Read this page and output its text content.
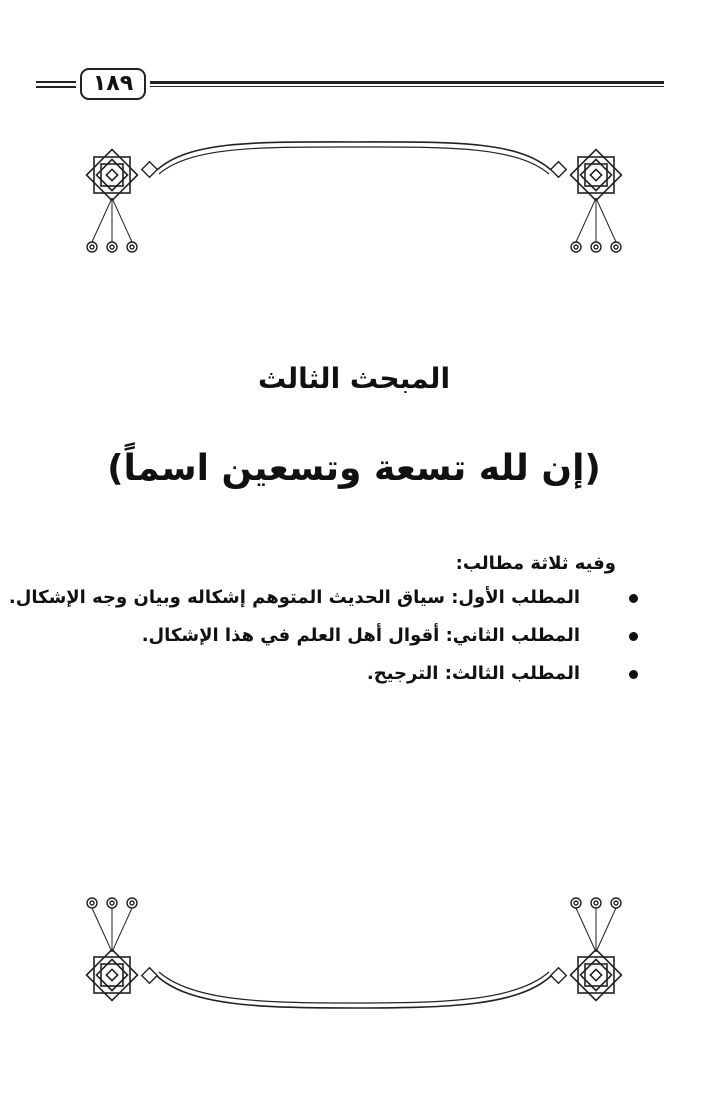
١٨٩
المبحث الثالث
(إن لله تسعة وتسعين اسماً)

وفيه ثلاثة مطالب:

المطلب الأول: سياق الحديث المتوهم إشكاله وبيان وجه الإشكال.
المطلب الثاني: أقوال أهل العلم في هذا الإشكال.
المطلب الثالث: الترجيح.
